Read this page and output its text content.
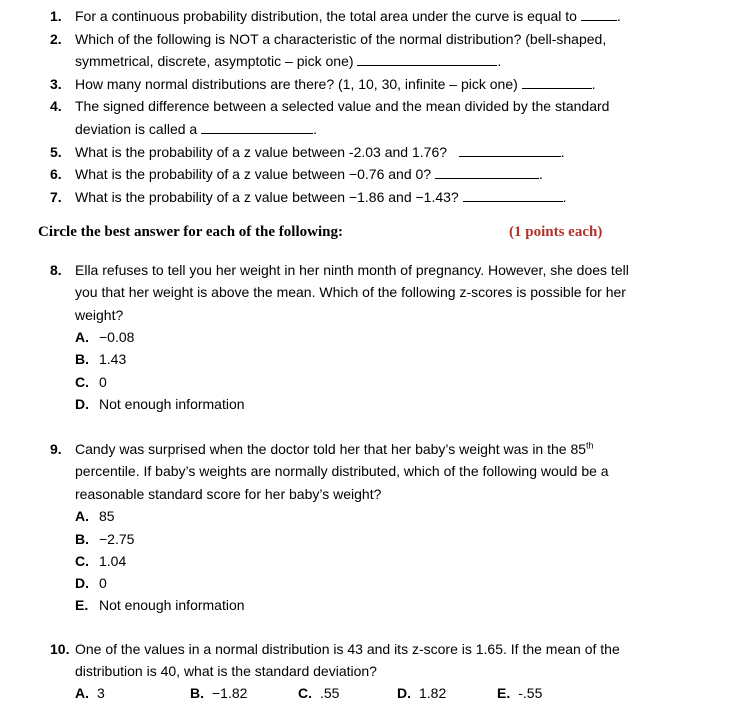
1. For a continuous probability distribution, the total area under the curve is equal to	.
2. Which of the following is NOT a characteristic of the normal distribution? (bell-shaped,
symmetrical, discrete, asymptotic – pick one)	.
3. How many normal distributions are there? (1, 10, 30, infinite – pick one)	.
4. The signed difference between a selected value and the mean divided by the standard
deviation is called a	.
5. What is the probability of a z value between -2.03 and 1.76?	.
6. What is the probability of a z value between −0.76 and 0?	.
7. What is the probability of a z value between −1.86 and −1.43?	.
Circle the best answer for each of the following:	(1 points each)
8. Ella refuses to tell you her weight in her ninth month of pregnancy. However, she does tell
you that her weight is above the mean. Which of the following z-scores is possible for her
weight?
A. −0.08
B. 1.43
C. 0
D. Not enough information
9. Candy was surprised when the doctor told her that her baby’s weight was in the 85th
percentile. If baby’s weights are normally distributed, which of the following would be a
reasonable standard score for her baby’s weight?
A. 85
B. −2.75
C. 1.04
D. 0
E. Not enough information
10. One of the values in a normal distribution is 43 and its z-score is 1.65. If the mean of the
distribution is 40, what is the standard deviation?
A. 3	B. −1.82	C. .55	D. 1.82	E. -.55
